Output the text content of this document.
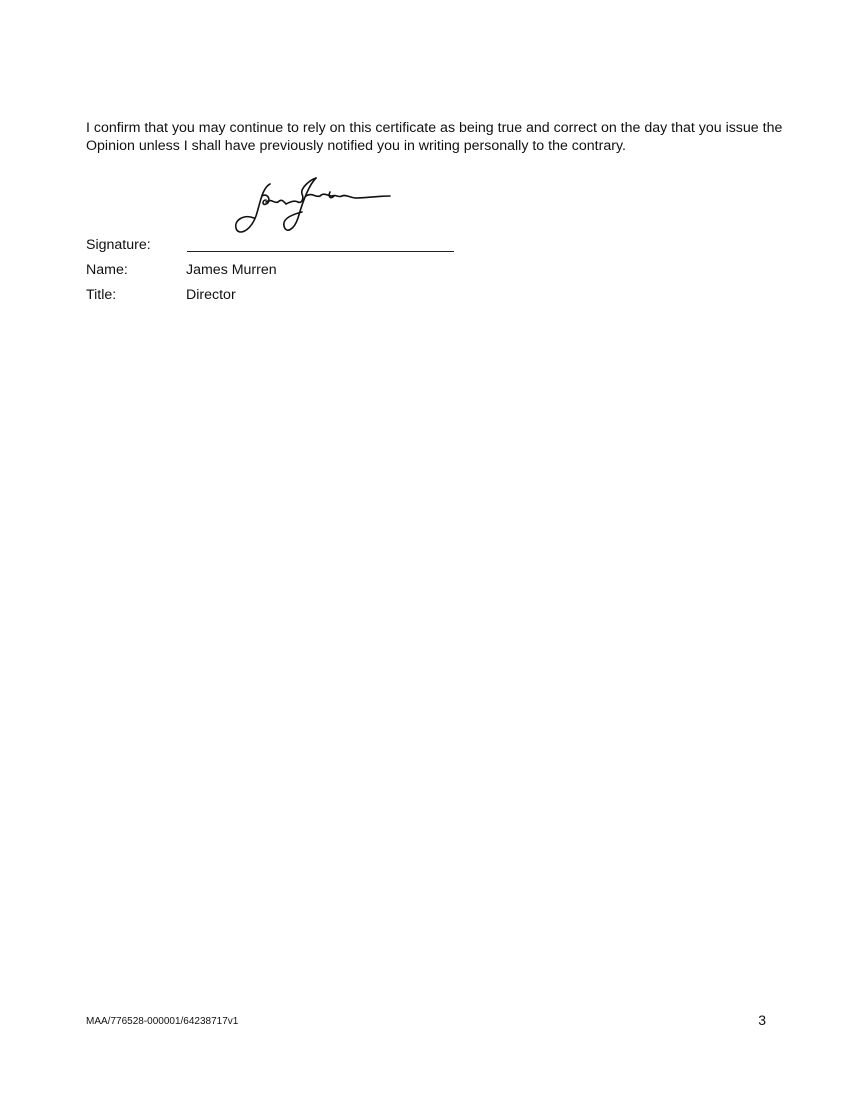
I confirm that you may continue to rely on this certificate as being true and correct on the day that you issue the Opinion unless I shall have previously notified you in writing personally to the contrary.

Signature:
Name:	James Murren
Title:	Director
MAA/776528-000001/64238717v1	3
